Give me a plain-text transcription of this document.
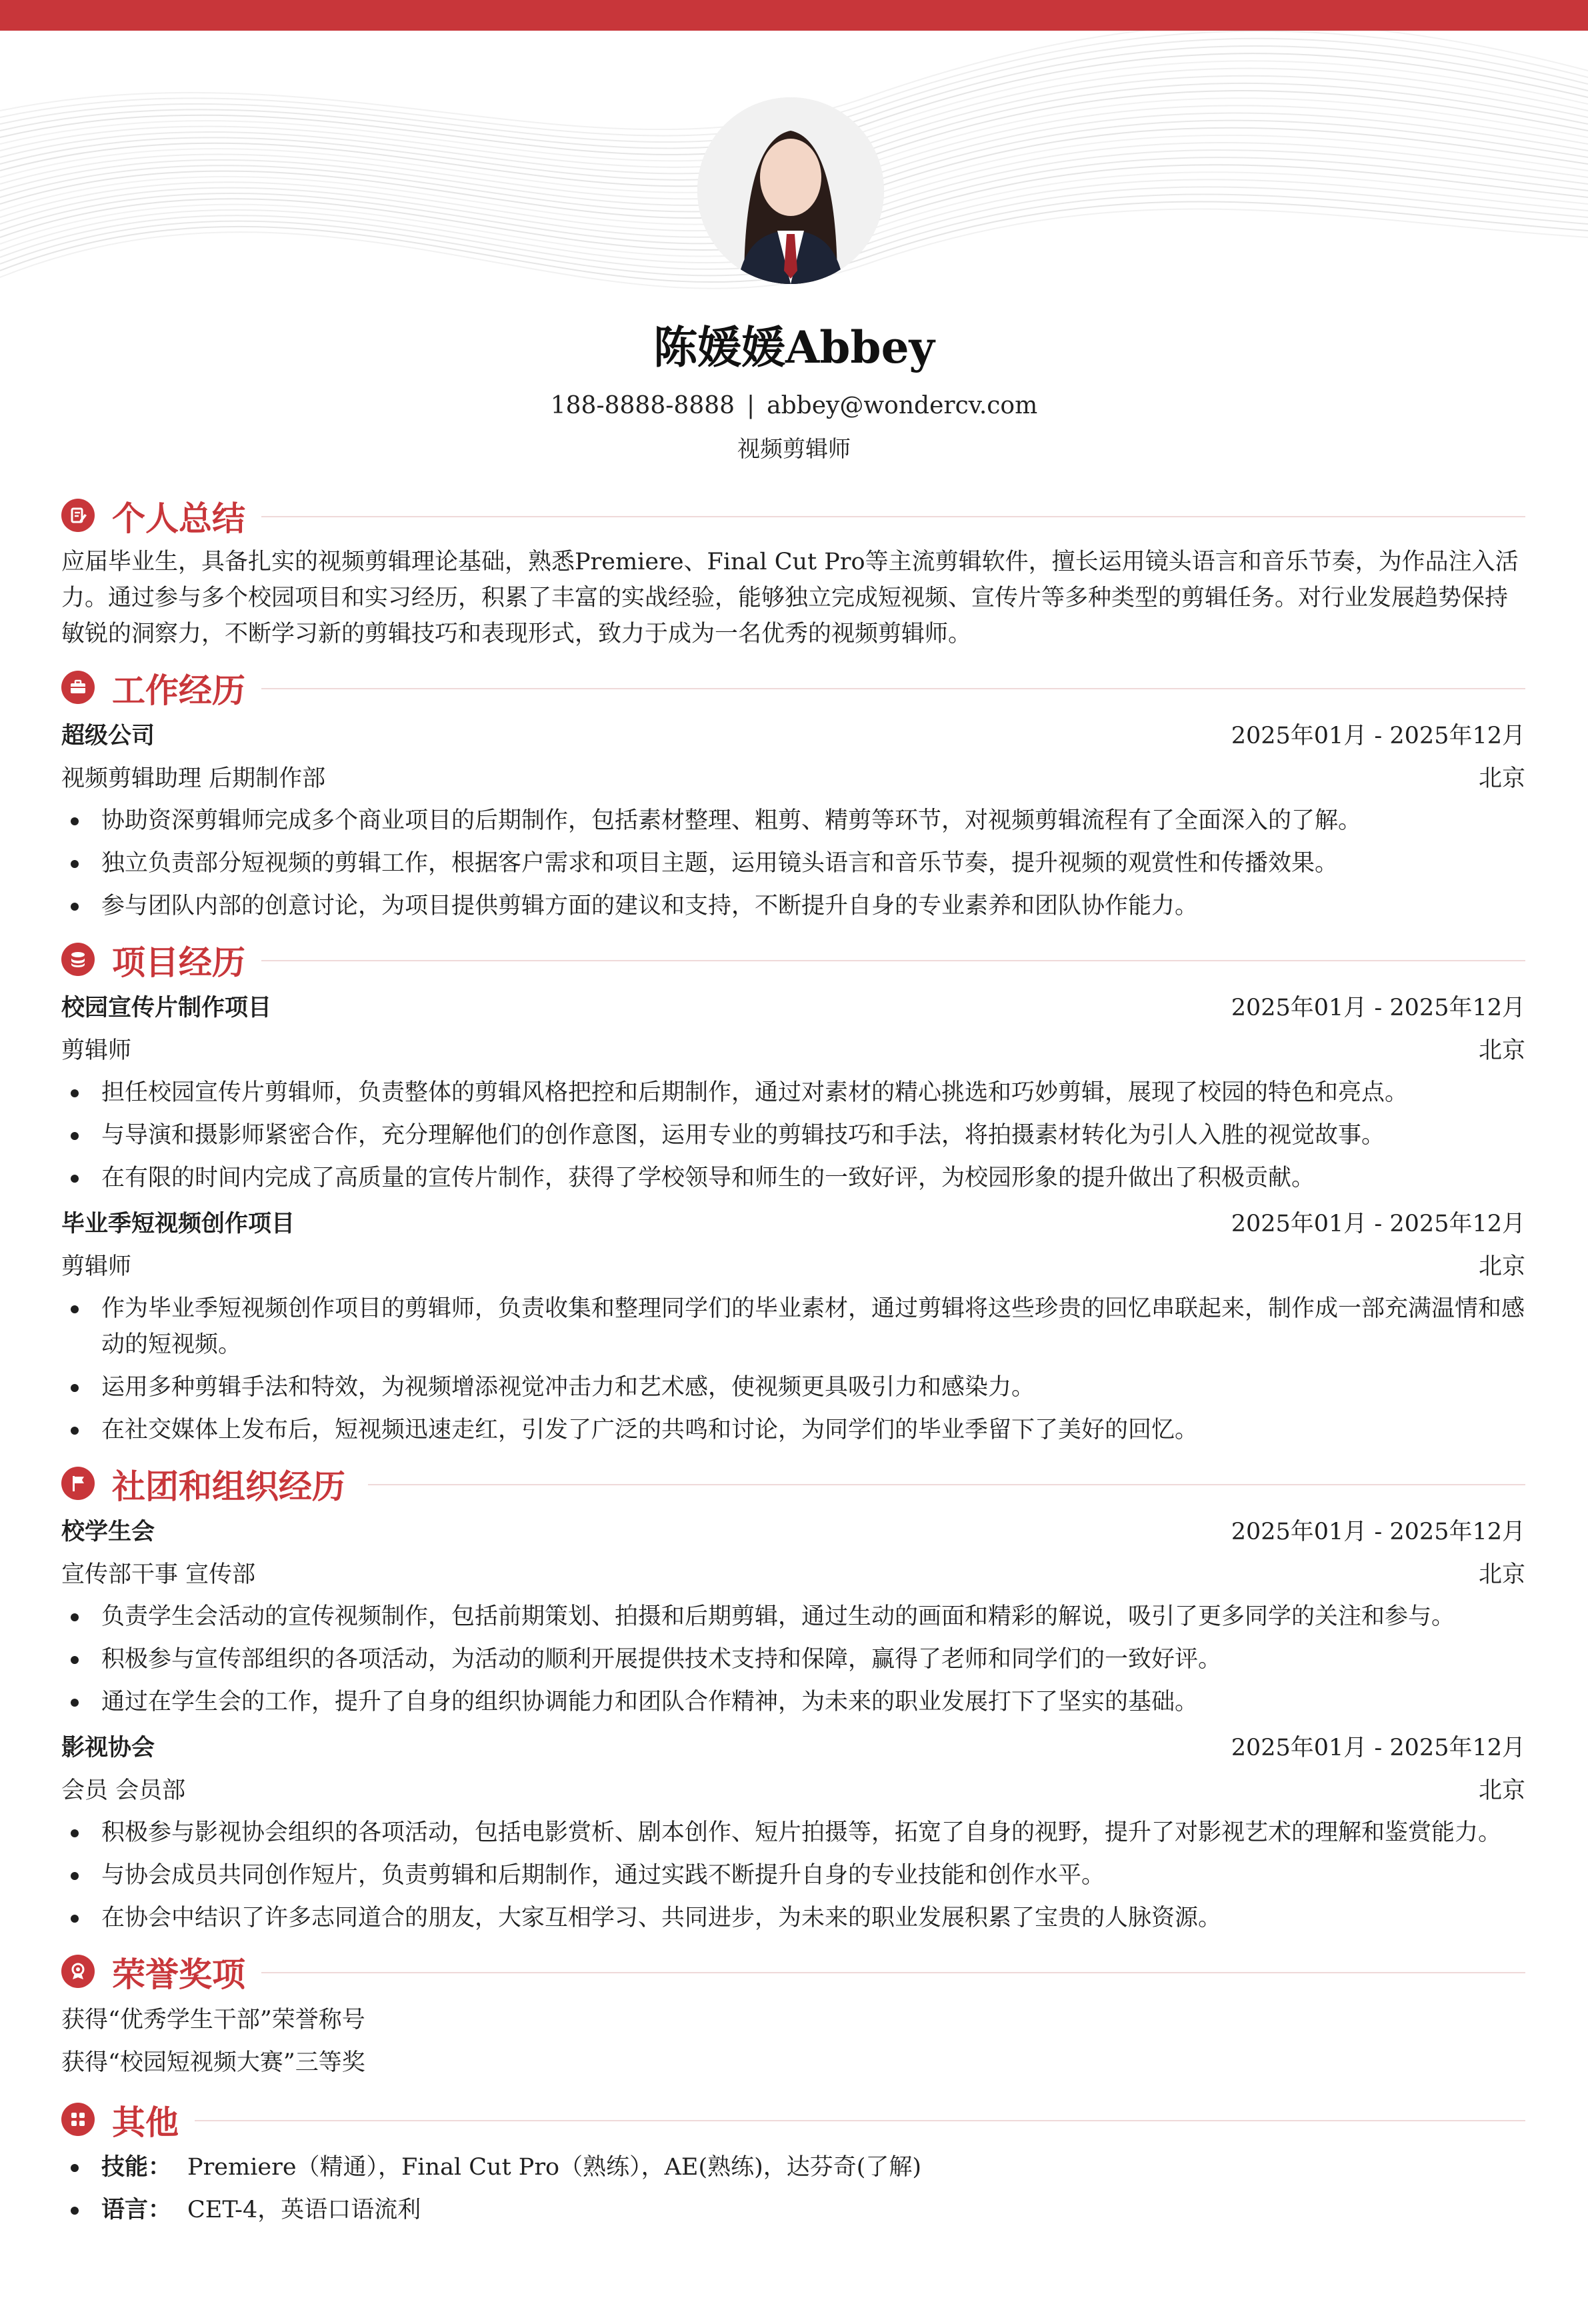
陈媛媛Abbey
188-8888-8888 | abbey@wondercv.com
视频剪辑师
个人总结
应届毕业生，具备扎实的视频剪辑理论基础，熟悉Premiere、Final Cut Pro等主流剪辑软件，擅长运用镜头语言和音乐节奏，为作品注入活力。通过参与多个校园项目和实习经历，积累了丰富的实战经验，能够独立完成短视频、宣传片等多种类型的剪辑任务。对行业发展趋势保持敏锐的洞察力，不断学习新的剪辑技巧和表现形式，致力于成为一名优秀的视频剪辑师。
工作经历
超级公司	2025年01月 - 2025年12月
视频剪辑助理 后期制作部	北京
协助资深剪辑师完成多个商业项目的后期制作，包括素材整理、粗剪、精剪等环节，对视频剪辑流程有了全面深入的了解。
独立负责部分短视频的剪辑工作，根据客户需求和项目主题，运用镜头语言和音乐节奏，提升视频的观赏性和传播效果。
参与团队内部的创意讨论，为项目提供剪辑方面的建议和支持，不断提升自身的专业素养和团队协作能力。
项目经历
校园宣传片制作项目	2025年01月 - 2025年12月
剪辑师	北京
担任校园宣传片剪辑师，负责整体的剪辑风格把控和后期制作，通过对素材的精心挑选和巧妙剪辑，展现了校园的特色和亮点。
与导演和摄影师紧密合作，充分理解他们的创作意图，运用专业的剪辑技巧和手法，将拍摄素材转化为引人入胜的视觉故事。
在有限的时间内完成了高质量的宣传片制作，获得了学校领导和师生的一致好评，为校园形象的提升做出了积极贡献。
毕业季短视频创作项目	2025年01月 - 2025年12月
剪辑师	北京
作为毕业季短视频创作项目的剪辑师，负责收集和整理同学们的毕业素材，通过剪辑将这些珍贵的回忆串联起来，制作成一部充满温情和感动的短视频。
运用多种剪辑手法和特效，为视频增添视觉冲击力和艺术感，使视频更具吸引力和感染力。
在社交媒体上发布后，短视频迅速走红，引发了广泛的共鸣和讨论，为同学们的毕业季留下了美好的回忆。
社团和组织经历
校学生会	2025年01月 - 2025年12月
宣传部干事 宣传部	北京
负责学生会活动的宣传视频制作，包括前期策划、拍摄和后期剪辑，通过生动的画面和精彩的解说，吸引了更多同学的关注和参与。
积极参与宣传部组织的各项活动，为活动的顺利开展提供技术支持和保障，赢得了老师和同学们的一致好评。
通过在学生会的工作，提升了自身的组织协调能力和团队合作精神，为未来的职业发展打下了坚实的基础。
影视协会	2025年01月 - 2025年12月
会员 会员部	北京
积极参与影视协会组织的各项活动，包括电影赏析、剧本创作、短片拍摄等，拓宽了自身的视野，提升了对影视艺术的理解和鉴赏能力。
与协会成员共同创作短片，负责剪辑和后期制作，通过实践不断提升自身的专业技能和创作水平。
在协会中结识了许多志同道合的朋友，大家互相学习、共同进步，为未来的职业发展积累了宝贵的人脉资源。
荣誉奖项
获得“优秀学生干部”荣誉称号
获得“校园短视频大赛”三等奖
其他
技能： Premiere（精通），Final Cut Pro（熟练），AE(熟练)，达芬奇(了解)
语言： CET-4，英语口语流利
